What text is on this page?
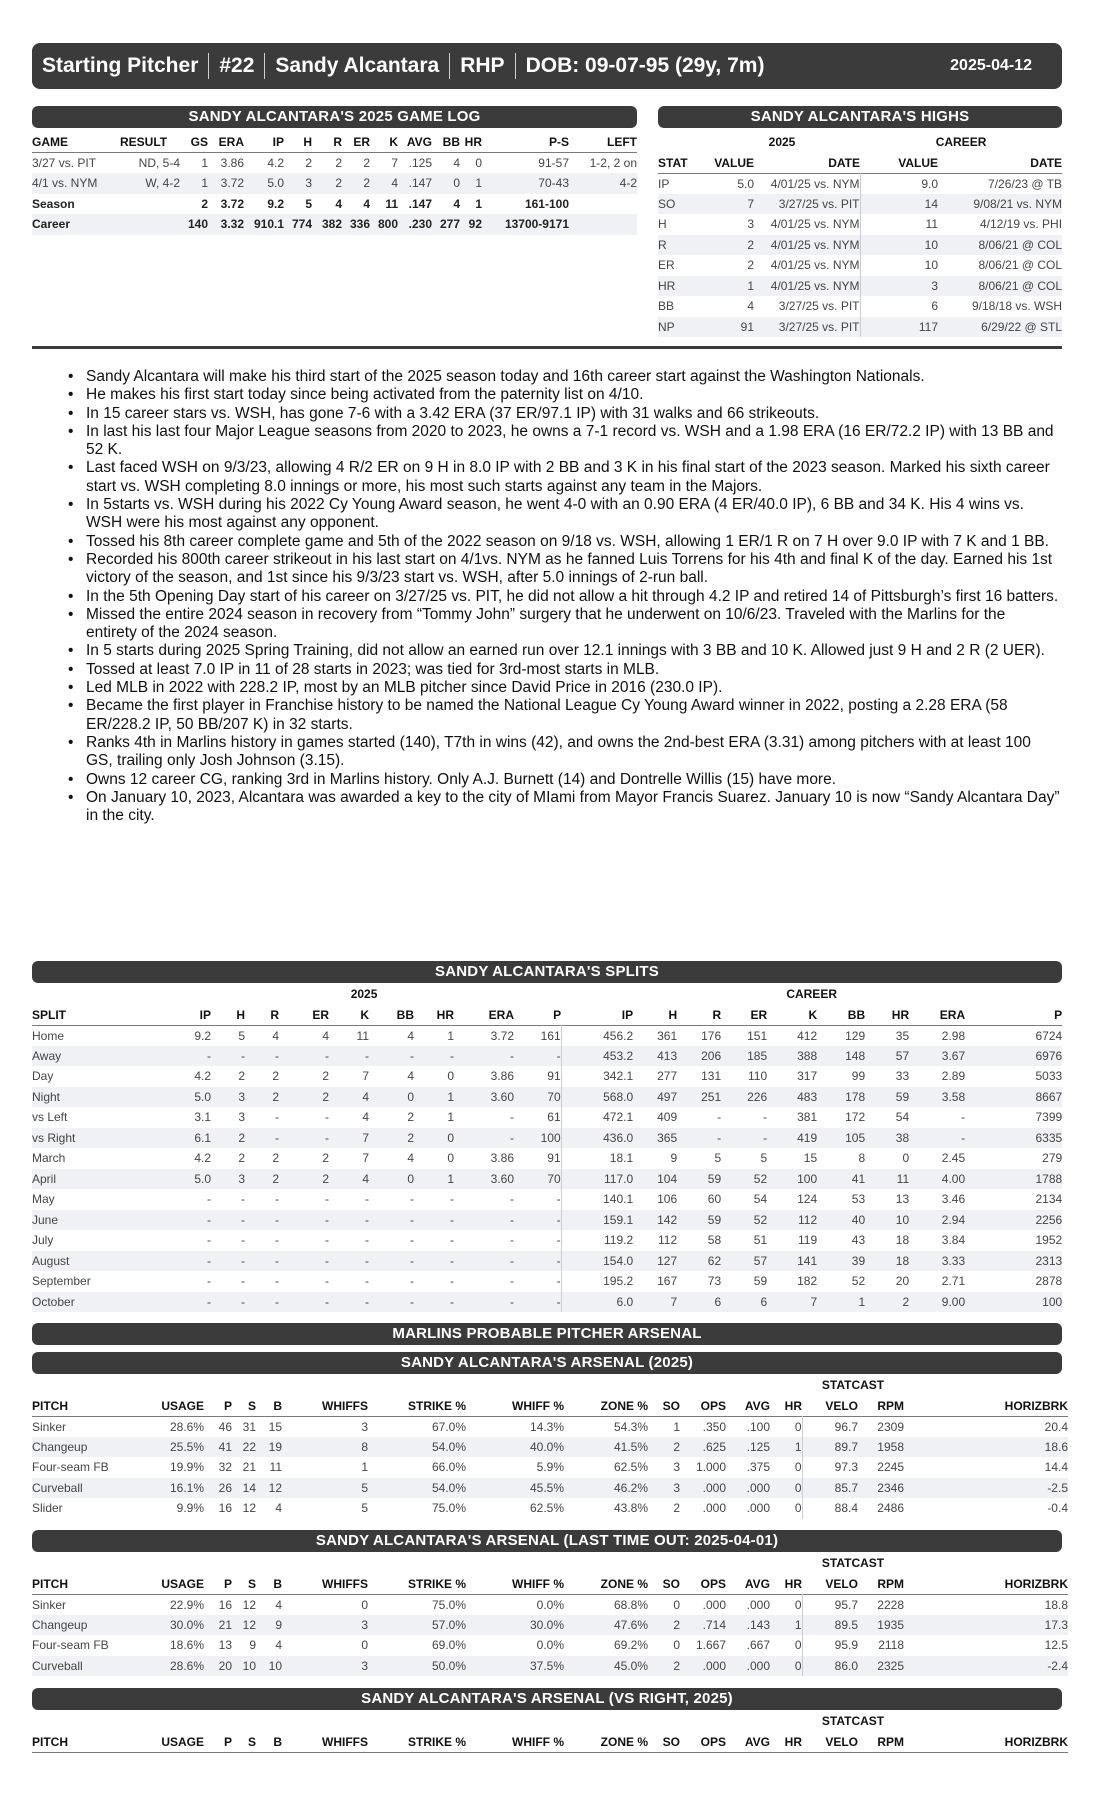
Starting Pitcher #22 Sandy Alcantara RHP DOB: 09-07-95 (29y, 7m)	2025-04-12
SANDY ALCANTARA'S 2025 GAME LOG
GAME	RESULT	GS	ERA	IP	H	R	ER	K	AVG	BB	HR	P-S	LEFT
3/27 vs. PIT	ND, 5-4	1	3.86	4.2	2	2	2	7	.125	4	0	91-57	1-2, 2 on
4/1 vs. NYM	W, 4-2	1	3.72	5.0	3	2	2	4	.147	0	1	70-43	4-2
Season		2	3.72	9.2	5	4	4	11	.147	4	1	161-100	
Career		140	3.32	910.1	774	382	336	800	.230	277	92	13700-9171	
SANDY ALCANTARA'S HIGHS
	2025		CAREER	
STAT	VALUE	DATE	VALUE	DATE
IP	5.0	4/01/25 vs. NYM	9.0	7/26/23 @ TB
SO	7	3/27/25 vs. PIT	14	9/08/21 vs. NYM
H	3	4/01/25 vs. NYM	11	4/12/19 vs. PHI
R	2	4/01/25 vs. NYM	10	8/06/21 @ COL
ER	2	4/01/25 vs. NYM	10	8/06/21 @ COL
HR	1	4/01/25 vs. NYM	3	8/06/21 @ COL
BB	4	3/27/25 vs. PIT	6	9/18/18 vs. WSH
NP	91	3/27/25 vs. PIT	117	6/29/22 @ STL
• Sandy Alcantara will make his third start of the 2025 season today and 16th career start against the Washington Nationals.
• He makes his first start today since being activated from the paternity list on 4/10.
• In 15 career stars vs. WSH, has gone 7-6 with a 3.42 ERA (37 ER/97.1 IP) with 31 walks and 66 strikeouts.
• In last his last four Major League seasons from 2020 to 2023, he owns a 7-1 record vs. WSH and a 1.98 ERA (16 ER/72.2 IP) with 13 BB and 52 K.
• Last faced WSH on 9/3/23, allowing 4 R/2 ER on 9 H in 8.0 IP with 2 BB and 3 K in his final start of the 2023 season. Marked his sixth career start vs. WSH completing 8.0 innings or more, his most such starts against any team in the Majors.
• In 5starts vs. WSH during his 2022 Cy Young Award season, he went 4-0 with an 0.90 ERA (4 ER/40.0 IP), 6 BB and 34 K. His 4 wins vs. WSH were his most against any opponent.
• Tossed his 8th career complete game and 5th of the 2022 season on 9/18 vs. WSH, allowing 1 ER/1 R on 7 H over 9.0 IP with 7 K and 1 BB.
• Recorded his 800th career strikeout in his last start on 4/1vs. NYM as he fanned Luis Torrens for his 4th and final K of the day. Earned his 1st victory of the season, and 1st since his 9/3/23 start vs. WSH, after 5.0 innings of 2-run ball.
• In the 5th Opening Day start of his career on 3/27/25 vs. PIT, he did not allow a hit through 4.2 IP and retired 14 of Pittsburgh’s first 16 batters.
• Missed the entire 2024 season in recovery from “Tommy John” surgery that he underwent on 10/6/23. Traveled with the Marlins for the entirety of the 2024 season.
• In 5 starts during 2025 Spring Training, did not allow an earned run over 12.1 innings with 3 BB and 10 K. Allowed just 9 H and 2 R (2 UER).
• Tossed at least 7.0 IP in 11 of 28 starts in 2023; was tied for 3rd-most starts in MLB.
• Led MLB in 2022 with 228.2 IP, most by an MLB pitcher since David Price in 2016 (230.0 IP).
• Became the first player in Franchise history to be named the National League Cy Young Award winner in 2022, posting a 2.28 ERA (58 ER/228.2 IP, 50 BB/207 K) in 32 starts.
• Ranks 4th in Marlins history in games started (140), T7th in wins (42), and owns the 2nd-best ERA (3.31) among pitchers with at least 100 GS, trailing only Josh Johnson (3.15).
• Owns 12 career CG, ranking 3rd in Marlins history. Only A.J. Burnett (14) and Dontrelle Willis (15) have more.
• On January 10, 2023, Alcantara was awarded a key to the city of MIami from Mayor Francis Suarez. January 10 is now “Sandy Alcantara Day” in the city.
SANDY ALCANTARA'S SPLITS
	2025									CAREER								
SPLIT	IP	H	R	ER	K	BB	HR	ERA	P	IP	H	R	ER	K	BB	HR	ERA	P
Home	9.2	5	4	4	11	4	1	3.72	161	456.2	361	176	151	412	129	35	2.98	6724
Away	-	-	-	-	-	-	-	-	-	453.2	413	206	185	388	148	57	3.67	6976
Day	4.2	2	2	2	7	4	0	3.86	91	342.1	277	131	110	317	99	33	2.89	5033
Night	5.0	3	2	2	4	0	1	3.60	70	568.0	497	251	226	483	178	59	3.58	8667
vs Left	3.1	3	-	-	4	2	1	-	61	472.1	409	-	-	381	172	54	-	7399
vs Right	6.1	2	-	-	7	2	0	-	100	436.0	365	-	-	419	105	38	-	6335
March	4.2	2	2	2	7	4	0	3.86	91	18.1	9	5	5	15	8	0	2.45	279
April	5.0	3	2	2	4	0	1	3.60	70	117.0	104	59	52	100	41	11	4.00	1788
May	-	-	-	-	-	-	-	-	-	140.1	106	60	54	124	53	13	3.46	2134
June	-	-	-	-	-	-	-	-	-	159.1	142	59	52	112	40	10	2.94	2256
July	-	-	-	-	-	-	-	-	-	119.2	112	58	51	119	43	18	3.84	1952
August	-	-	-	-	-	-	-	-	-	154.0	127	62	57	141	39	18	3.33	2313
September	-	-	-	-	-	-	-	-	-	195.2	167	73	59	182	52	20	2.71	2878
October	-	-	-	-	-	-	-	-	-	6.0	7	6	6	7	1	2	9.00	100
MARLINS PROBABLE PITCHER ARSENAL
SANDY ALCANTARA'S ARSENAL (2025)
													STATCAST		
PITCH	USAGE	P	S	B	WHIFFS	STRIKE %	WHIFF %	ZONE %	SO	OPS	AVG	HR	VELO	RPM	HORIZBRK
Sinker	28.6%	46	31	15	3	67.0%	14.3%	54.3%	1	.350	.100	0	96.7	2309	20.4
Changeup	25.5%	41	22	19	8	54.0%	40.0%	41.5%	2	.625	.125	1	89.7	1958	18.6
Four-seam FB	19.9%	32	21	11	1	66.0%	5.9%	62.5%	3	1.000	.375	0	97.3	2245	14.4
Curveball	16.1%	26	14	12	5	54.0%	45.5%	46.2%	3	.000	.000	0	85.7	2346	-2.5
Slider	9.9%	16	12	4	5	75.0%	62.5%	43.8%	2	.000	.000	0	88.4	2486	-0.4
SANDY ALCANTARA'S ARSENAL (LAST TIME OUT: 2025-04-01)
													STATCAST		
PITCH	USAGE	P	S	B	WHIFFS	STRIKE %	WHIFF %	ZONE %	SO	OPS	AVG	HR	VELO	RPM	HORIZBRK
Sinker	22.9%	16	12	4	0	75.0%	0.0%	68.8%	0	.000	.000	0	95.7	2228	18.8
Changeup	30.0%	21	12	9	3	57.0%	30.0%	47.6%	2	.714	.143	1	89.5	1935	17.3
Four-seam FB	18.6%	13	9	4	0	69.0%	0.0%	69.2%	0	1.667	.667	0	95.9	2118	12.5
Curveball	28.6%	20	10	10	3	50.0%	37.5%	45.0%	2	.000	.000	0	86.0	2325	-2.4
SANDY ALCANTARA'S ARSENAL (VS RIGHT, 2025)
													STATCAST		
PITCH	USAGE	P	S	B	WHIFFS	STRIKE %	WHIFF %	ZONE %	SO	OPS	AVG	HR	VELO	RPM	HORIZBRK
